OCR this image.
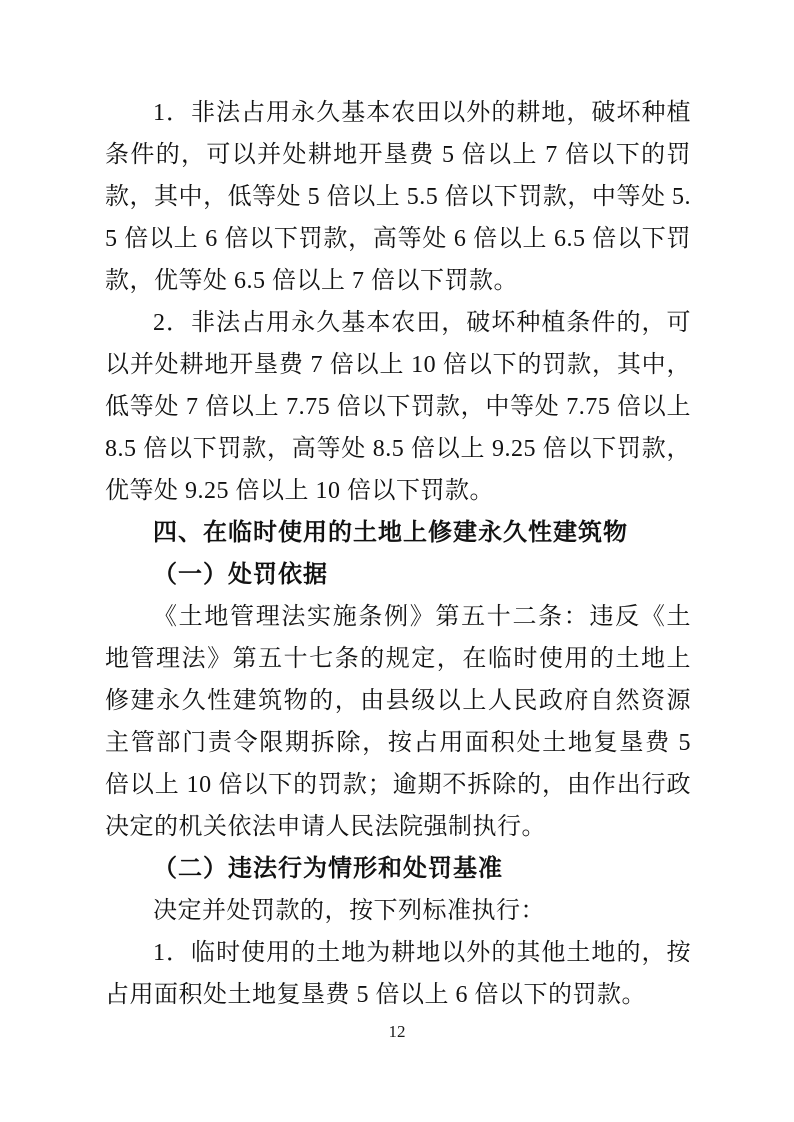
1．非法占用永久基本农田以外的耕地，破坏种植条件的，可以并处耕地开垦费 5 倍以上 7 倍以下的罚款，其中，低等处 5 倍以上 5.5 倍以下罚款，中等处 5.5 倍以上 6 倍以下罚款，高等处 6 倍以上 6.5 倍以下罚款，优等处 6.5 倍以上 7 倍以下罚款。

2．非法占用永久基本农田，破坏种植条件的，可以并处耕地开垦费 7 倍以上 10 倍以下的罚款，其中，低等处 7 倍以上 7.75 倍以下罚款，中等处 7.75 倍以上 8.5 倍以下罚款，高等处 8.5 倍以上 9.25 倍以下罚款，优等处 9.25 倍以上 10 倍以下罚款。

四、在临时使用的土地上修建永久性建筑物

（一）处罚依据

《土地管理法实施条例》第五十二条：违反《土地管理法》第五十七条的规定，在临时使用的土地上修建永久性建筑物的，由县级以上人民政府自然资源主管部门责令限期拆除，按占用面积处土地复垦费 5 倍以上 10 倍以下的罚款；逾期不拆除的，由作出行政决定的机关依法申请人民法院强制执行。

（二）违法行为情形和处罚基准

决定并处罚款的，按下列标准执行：

1．临时使用的土地为耕地以外的其他土地的，按占用面积处土地复垦费 5 倍以上 6 倍以下的罚款。

12
